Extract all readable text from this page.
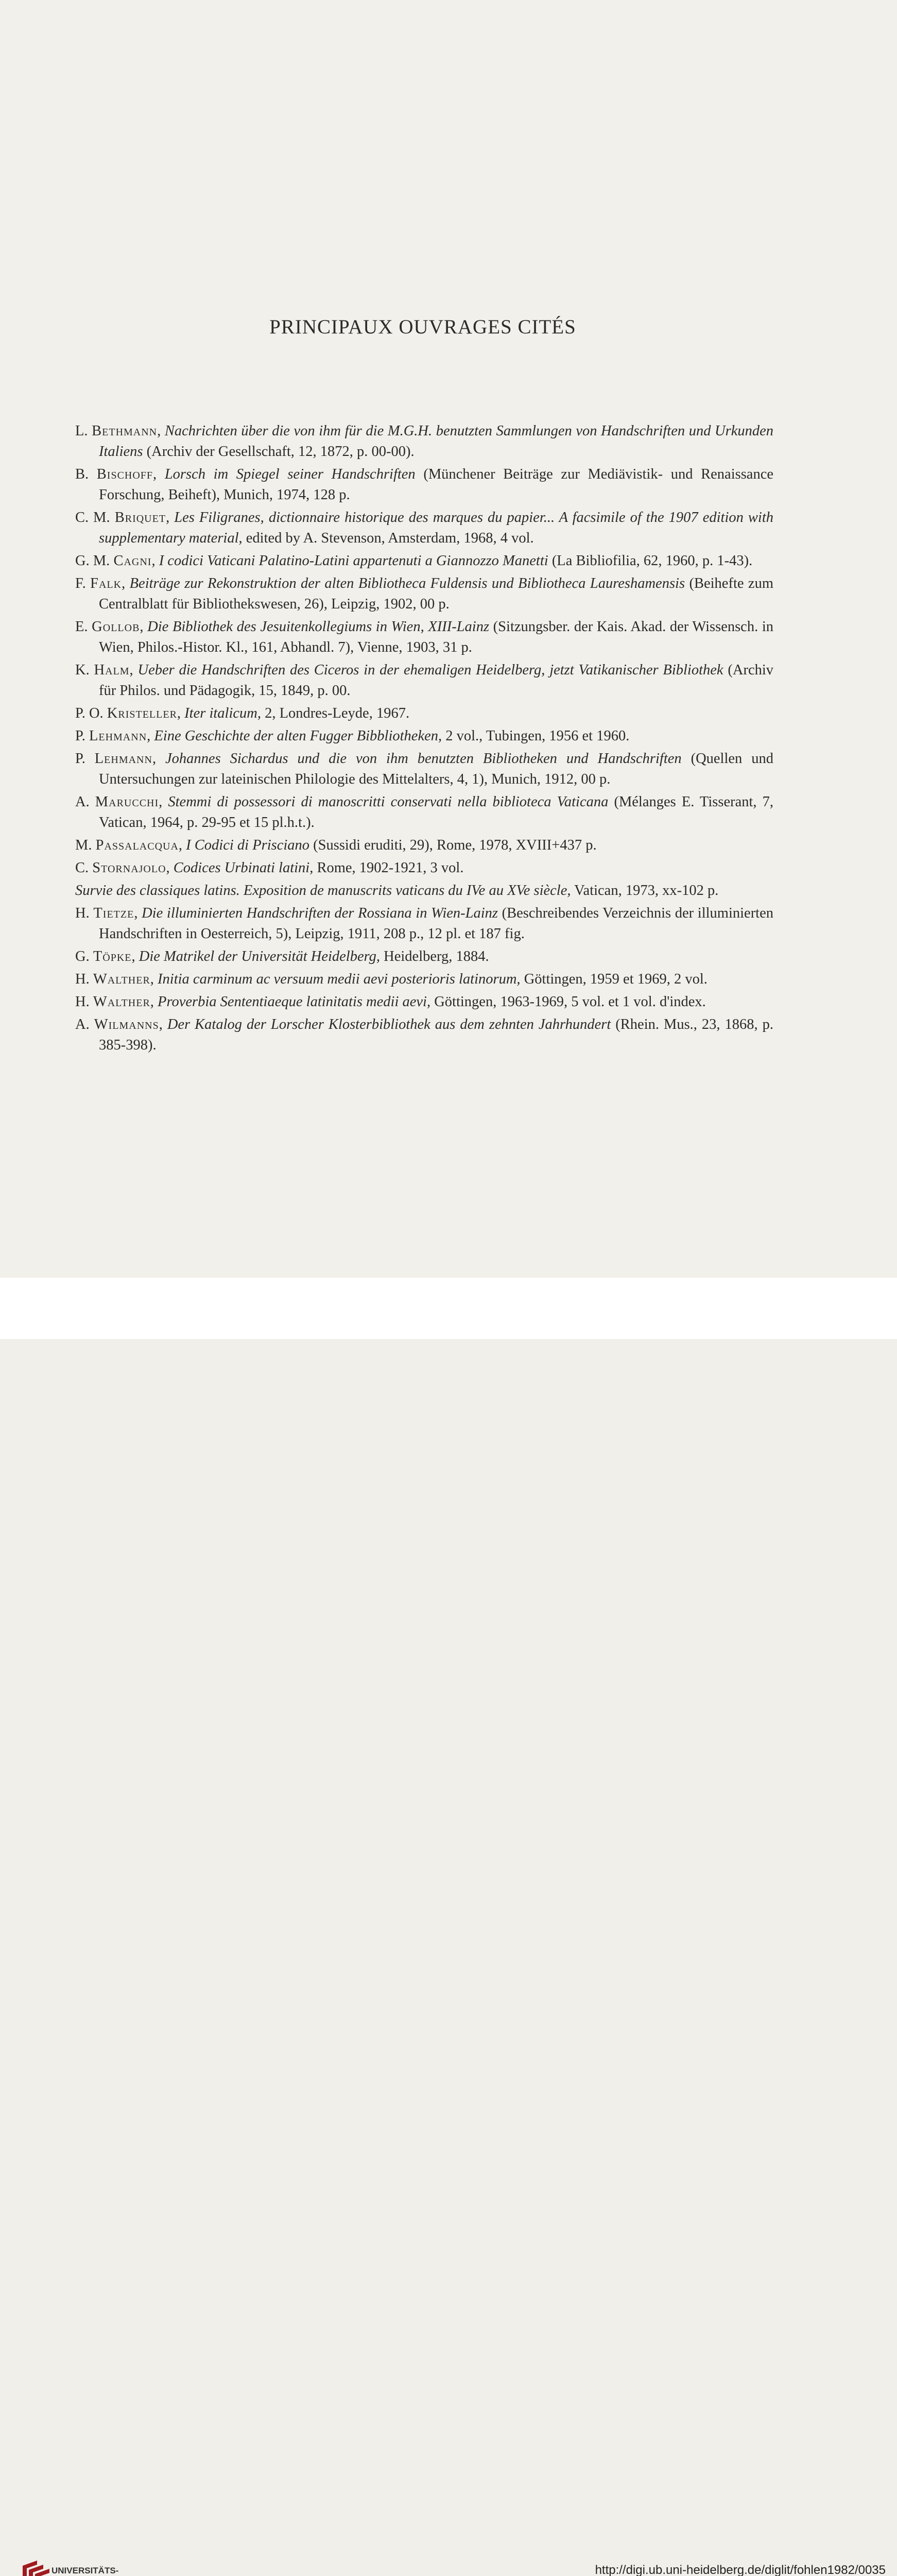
PRINCIPAUX OUVRAGES CITÉS
L. Bethmann, Nachrichten über die von ihm für die M.G.H. benutzten Sammlungen von Handschriften und Urkunden Italiens (Archiv der Gesellschaft, 12, 1872, p. 00-00).
B. Bischoff, Lorsch im Spiegel seiner Handschriften (Münchener Beiträge zur Mediävistik- und Renaissance Forschung, Beiheft), Munich, 1974, 128 p.
C. M. Briquet, Les Filigranes, dictionnaire historique des marques du papier... A facsimile of the 1907 edition with supplementary material, edited by A. Stevenson, Amsterdam, 1968, 4 vol.
G. M. Cagni, I codici Vaticani Palatino-Latini appartenuti a Giannozzo Manetti (La Bibliofilia, 62, 1960, p. 1-43).
F. Falk, Beiträge zur Rekonstruktion der alten Bibliotheca Fuldensis und Bibliotheca Laureshamensis (Beihefte zum Centralblatt für Bibliothekswesen, 26), Leipzig, 1902, 00 p.
E. Gollob, Die Bibliothek des Jesuitenkollegiums in Wien, XIII-Lainz (Sitzungsber. der Kais. Akad. der Wissensch. in Wien, Philos.-Histor. Kl., 161, Abhandl. 7), Vienne, 1903, 31 p.
K. Halm, Ueber die Handschriften des Ciceros in der ehemaligen Heidelberg, jetzt Vatikanischer Bibliothek (Archiv für Philos. und Pädagogik, 15, 1849, p. 00.
P. O. Kristeller, Iter italicum, 2, Londres-Leyde, 1967.
P. Lehmann, Eine Geschichte der alten Fugger Bibbliotheken, 2 vol., Tubingen, 1956 et 1960.
P. Lehmann, Johannes Sichardus und die von ihm benutzten Bibliotheken und Handschriften (Quellen und Untersuchungen zur lateinischen Philologie des Mittelalters, 4, 1), Munich, 1912, 00 p.
A. Marucchi, Stemmi di possessori di manoscritti conservati nella biblioteca Vaticana (Mélanges E. Tisserant, 7, Vatican, 1964, p. 29-95 et 15 pl.h.t.).
M. Passalacqua, I Codici di Prisciano (Sussidi eruditi, 29), Rome, 1978, XVIII+437 p.
C. Stornajolo, Codices Urbinati latini, Rome, 1902-1921, 3 vol.
Survie des classiques latins. Exposition de manuscrits vaticans du IVe au XVe siècle, Vatican, 1973, xx-102 p.
H. Tietze, Die illuminierten Handschriften der Rossiana in Wien-Lainz (Beschreibendes Verzeichnis der illuminierten Handschriften in Oesterreich, 5), Leipzig, 1911, 208 p., 12 pl. et 187 fig.
G. Töpke, Die Matrikel der Universität Heidelberg, Heidelberg, 1884.
H. Walther, Initia carminum ac versuum medii aevi posterioris latinorum, Göttingen, 1959 et 1969, 2 vol.
H. Walther, Proverbia Sententiaeque latinitatis medii aevi, Göttingen, 1963-1969, 5 vol. et 1 vol. d'index.
A. Wilmanns, Der Katalog der Lorscher Klosterbibliothek aus dem zehnten Jahrhundert (Rhein. Mus., 23, 1868, p. 385-398).
UNIVERSITÄTS-	http://digi.ub.uni-heidelberg.de/diglit/fohlen1982/0035
